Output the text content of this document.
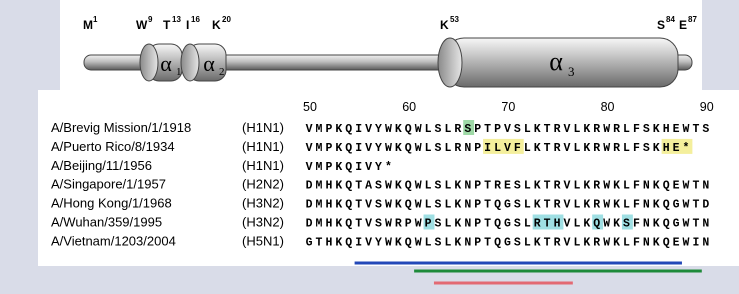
α 1 α 2	α 3
M 1	W 9 T 13 I 16 K 20	K 53	S 84 E 87
50	60	70	80	90
A/Brevig Mission/1/1918	(H1N1) V M P K Q I V Y W K Q W L S L R S P T P V S L K T R V L K R W R L F S K H E W T S
A/Puerto Rico/8/1934	(H1N1) V M P K Q I V Y W K Q W L S L R N P I L V F L K T R V L K R W R L F S K H E *
A/Beijing/11/1956	(H1N1) V M P K Q I V Y *
A/Singapore/1/1957	(H2N2) D M H K Q T A S W K Q W L S L K N P T R E S L K T R V L K R W K L F N K Q E W T N
A/Hong Kong/1/1968	(H3N2) D M H K Q T V S W K Q W L S L K N P T Q G S L K T R V L K R W K L F N K Q G W T D
A/Wuhan/359/1995	(H3N2) D M H K Q T V S W R P W P S L K N P T Q G S L R T H V L K Q W K S F N K Q G W T N
A/Vietnam/1203/2004	(H5N1) G T H K Q I V Y W K Q W L S L K N P T Q G S L K T R V L K R W K L F N K Q E W I N
